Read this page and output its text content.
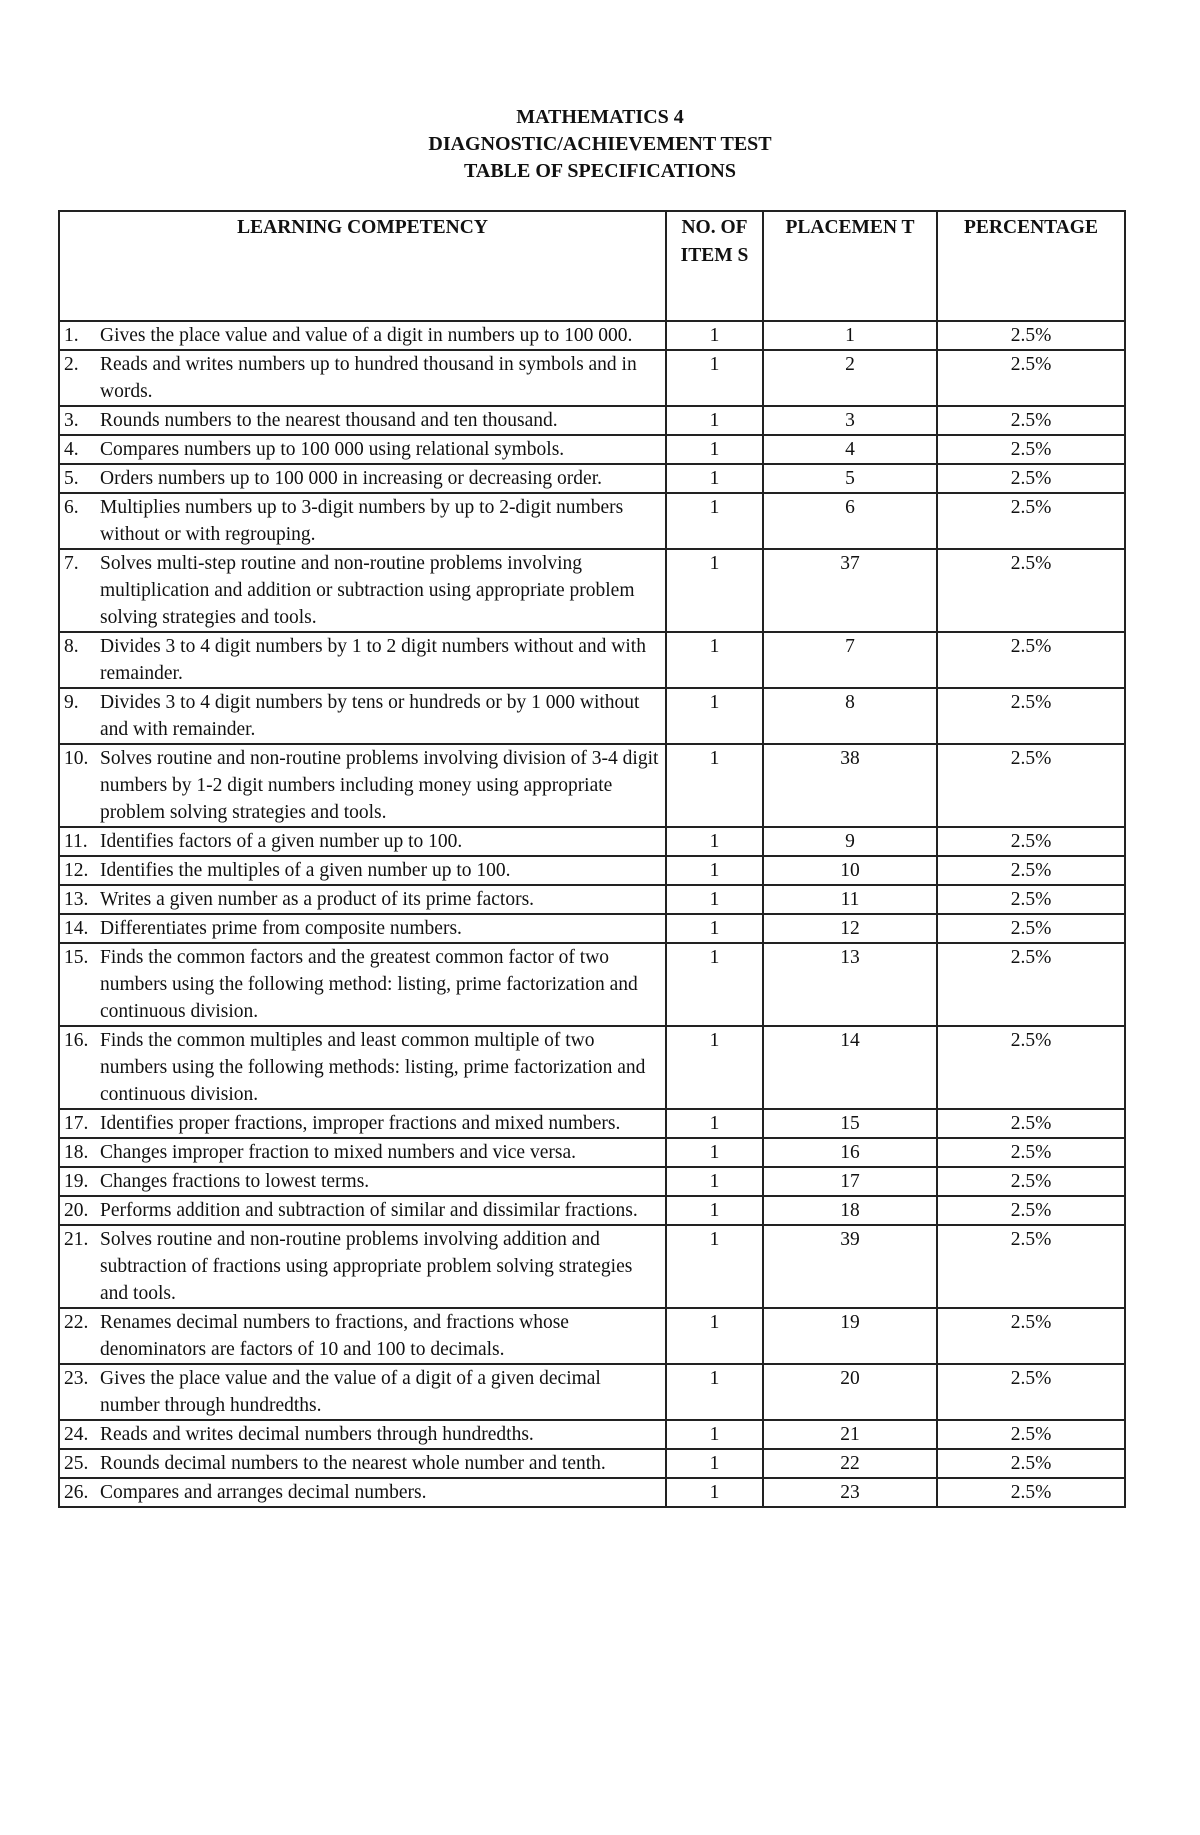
MATHEMATICS 4
DIAGNOSTIC/ACHIEVEMENT TEST
TABLE OF SPECIFICATIONS
LEARNING COMPETENCY	NO. OF ITEM S	PLACEMEN T	PERCENTAGE

1. Gives the place value and value of a digit in numbers up to 100 000.	1	1	2.5%

2. Reads and writes numbers up to hundred thousand in symbols and in words.	1	2	2.5%

3. Rounds numbers to the nearest thousand and ten thousand.	1	3	2.5%

4. Compares numbers up to 100 000 using relational symbols.	1	4	2.5%

5. Orders numbers up to 100 000 in increasing or decreasing order.	1	5	2.5%

6. Multiplies numbers up to 3-digit numbers by up to 2-digit numbers without or with regrouping.	1	6	2.5%

7. Solves multi-step routine and non-routine problems involving multiplication and addition or subtraction using appropriate problem solving strategies and tools.	1	37	2.5%

8. Divides 3 to 4 digit numbers by 1 to 2 digit numbers without and with remainder.	1	7	2.5%

9. Divides 3 to 4 digit numbers by tens or hundreds or by 1 000 without and with remainder.	1	8	2.5%

10. Solves routine and non-routine problems involving division of 3-4 digit numbers by 1-2 digit numbers including money using appropriate problem solving strategies and tools.	1	38	2.5%

11. Identifies factors of a given number up to 100.	1	9	2.5%

12. Identifies the multiples of a given number up to 100.	1	10	2.5%

13. Writes a given number as a product of its prime factors.	1	11	2.5%

14. Differentiates prime from composite numbers.	1	12	2.5%

15. Finds the common factors and the greatest common factor of two numbers using the following method: listing, prime factorization and continuous division.	1	13	2.5%

16. Finds the common multiples and least common multiple of two numbers using the following methods: listing, prime factorization and continuous division.	1	14	2.5%

17. Identifies proper fractions, improper fractions and mixed numbers.	1	15	2.5%

18. Changes improper fraction to mixed numbers and vice versa.	1	16	2.5%

19. Changes fractions to lowest terms.	1	17	2.5%

20. Performs addition and subtraction of similar and dissimilar fractions.	1	18	2.5%

21. Solves routine and non-routine problems involving addition and subtraction of fractions using appropriate problem solving strategies and tools.	1	39	2.5%

22. Renames decimal numbers to fractions, and fractions whose denominators are factors of 10 and 100 to decimals.	1	19	2.5%

23. Gives the place value and the value of a digit of a given decimal number through hundredths.	1	20	2.5%

24. Reads and writes decimal numbers through hundredths.	1	21	2.5%

25. Rounds decimal numbers to the nearest whole number and tenth.	1	22	2.5%

26. Compares and arranges decimal numbers.	1	23	2.5%
